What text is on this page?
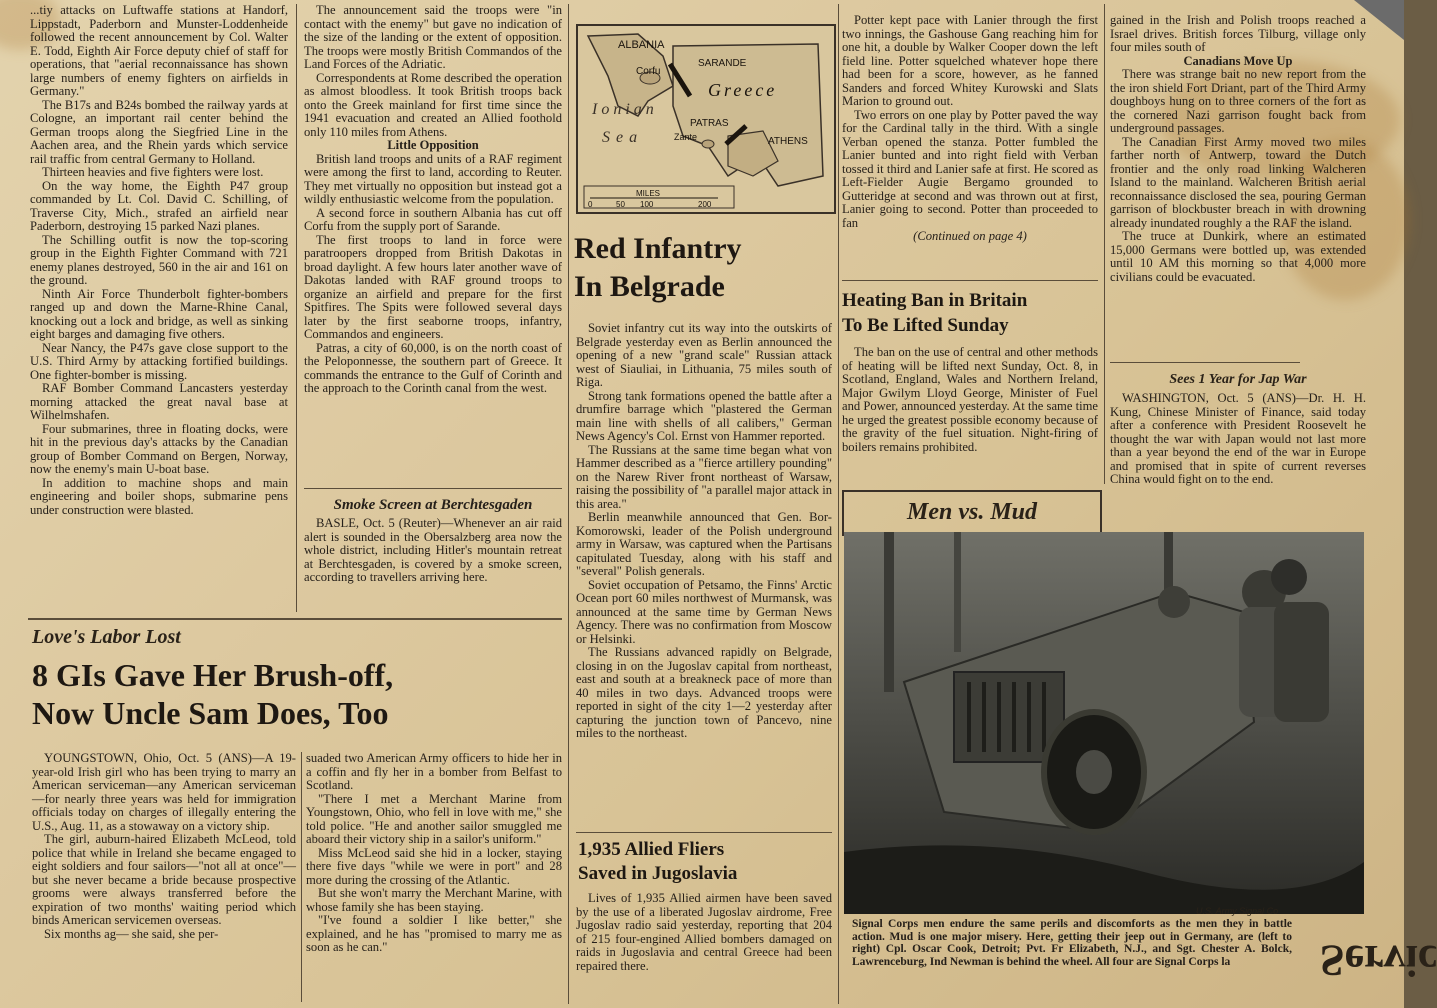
...tiy attacks on Luftwaffe stations at Handorf, Lippstadt, Paderborn and Munster-Loddenheide followed the recent announcement by Col. Walter E. Todd, Eighth Air Force deputy chief of staff for operations, that "aerial reconnaissance has shown large numbers of enemy fighters on airfields in Germany."

The B17s and B24s bombed the railway yards at Cologne, an important rail center behind the German troops along the Siegfried Line in the Aachen area, and the Rhein yards which service rail traffic from central Germany to Holland.

Thirteen heavies and five fighters were lost.

On the way home, the Eighth P47 group commanded by Lt. Col. David C. Schilling, of Traverse City, Mich., strafed an airfield near Paderborn, destroying 15 parked Nazi planes.

The Schilling outfit is now the top-scoring group in the Eighth Fighter Command with 721 enemy planes destroyed, 560 in the air and 161 on the ground.

Ninth Air Force Thunderbolt fighter-bombers ranged up and down the Marne-Rhine Canal, knocking out a lock and bridge, as well as sinking eight barges and damaging five others.

Near Nancy, the P47s gave close support to the U.S. Third Army by attacking fortified buildings. One fighter-bomber is missing.

RAF Bomber Command Lancasters yesterday morning attacked the great naval base at Wilhelmshafen.

Four submarines, three in floating docks, were hit in the previous day's attacks by the Canadian group of Bomber Command on Bergen, Norway, now the enemy's main U-boat base.

In addition to machine shops and main engineering and boiler shops, submarine pens under construction were blasted.

The announcement said the troops were "in contact with the enemy" but gave no indication of the size of the landing or the extent of opposition. The troops were mostly British Commandos of the Land Forces of the Adriatic.

Correspondents at Rome described the operation as almost bloodless. It took British troops back onto the Greek mainland for first time since the 1941 evacuation and created an Allied foothold only 110 miles from Athens.

Little Opposition

British land troops and units of a RAF regiment were among the first to land, according to Reuter. They met virtually no opposition but instead got a wildly enthusiastic welcome from the population.

A second force in southern Albania has cut off Corfu from the supply port of Sarande.

The first troops to land in force were paratroopers dropped from British Dakotas in broad daylight. A few hours later another wave of Dakotas landed with RAF ground troops to organize an airfield and prepare for the first Spitfires. The Spits were followed several days later by the first seaborne troops, infantry, Commandos and engineers.

Patras, a city of 60,000, is on the north coast of the Peloponnesse, the southern part of Greece. It commands the entrance to the Gulf of Corinth and the approach to the Corinth canal from the west.

Smoke Screen at Berchtesgaden

BASLE, Oct. 5 (Reuter)—Whenever an air raid alert is sounded in the Obersalzberg area now the whole district, including Hitler's mountain retreat at Berchtesgaden, is covered by a smoke screen, according to travellers arriving here.

Love's Labor Lost
8 GIs Gave Her Brush-off,
Now Uncle Sam Does, Too

YOUNGSTOWN, Ohio, Oct. 5 (ANS)—A 19-year-old Irish girl who has been trying to marry an American serviceman—any American serviceman—for nearly three years was held for immigration officials today on charges of illegally entering the U.S., Aug. 11, as a stowaway on a victory ship.

The girl, auburn-haired Elizabeth McLeod, told police that while in Ireland she became engaged to eight soldiers and four sailors—"not all at once"—but she never became a bride because prospective grooms were always transferred before the expiration of two months' waiting period which binds American servicemen overseas.

Six months ag— she said, she per-

suaded two American Army officers to hide her in a coffin and fly her in a bomber from Belfast to Scotland.

"There I met a Merchant Marine from Youngstown, Ohio, who fell in love with me," she told police. "He and another sailor smuggled me aboard their victory ship in a sailor's uniform."

Miss McLeod said she hid in a locker, staying there five days "while we were in port" and 28 more during the crossing of the Atlantic.

But she won't marry the Merchant Marine, with whose family she has been staying.

"I've found a soldier I like better," she explained, and he has "promised to marry me as soon as he can."

ALBANIA
SARANDE
Corfu
Greece
Ionian
Sea	Zante
PATRAS
ATHENS
MILES
0	50 100	200
Red Infantry
In Belgrade

Soviet infantry cut its way into the outskirts of Belgrade yesterday even as Berlin announced the opening of a new "grand scale" Russian attack west of Siauliai, in Lithuania, 75 miles south of Riga.

Strong tank formations opened the battle after a drumfire barrage which "plastered the German main line with shells of all calibers," German News Agency's Col. Ernst von Hammer reported.

The Russians at the same time began what von Hammer described as a "fierce artillery pounding" on the Narew River front northeast of Warsaw, raising the possibility of "a parallel major attack in this area."

Berlin meanwhile announced that Gen. Bor-Komorowski, leader of the Polish underground army in Warsaw, was captured when the Partisans capitulated Tuesday, along with his staff and "several" Polish generals.

Soviet occupation of Petsamo, the Finns' Arctic Ocean port 60 miles northwest of Murmansk, was announced at the same time by German News Agency. There was no confirmation from Moscow or Helsinki.

The Russians advanced rapidly on Belgrade, closing in on the Jugoslav capital from northeast, east and south at a breakneck pace of more than 40 miles in two days. Advanced troops were reported in sight of the city 1—2 yesterday after capturing the junction town of Pancevo, nine miles to the northeast.

1,935 Allied Fliers
Saved in Jugoslavia

Lives of 1,935 Allied airmen have been saved by the use of a liberated Jugoslav airdrome, Free Jugoslav radio said yesterday, reporting that 204 of 215 four-engined Allied bombers damaged on raids in Jugoslavia and central Greece had been repaired there.

Potter kept pace with Lanier through the first two innings, the Gashouse Gang reaching him for one hit, a double by Walker Cooper down the left field line. Potter squelched whatever hope there had been for a score, however, as he fanned Sanders and forced Whitey Kurowski and Slats Marion to ground out.

Two errors on one play by Potter paved the way for the Cardinal tally in the third. With a single Verban opened the stanza. Potter fumbled the Lanier bunted and into right field with Verban tossed it third and Lanier safe at first. He scored as Left-Fielder Augie Bergamo grounded to Gutteridge at second and was thrown out at first, Lanier going to second. Potter than proceeded to fan

(Continued on page 4)

Heating Ban in Britain
To Be Lifted Sunday

The ban on the use of central and other methods of heating will be lifted next Sunday, Oct. 8, in Scotland, England, Wales and Northern Ireland, Major Gwilym Lloyd George, Minister of Fuel and Power, announced yesterday. At the same time he urged the greatest possible economy because of the gravity of the fuel situation. Night-firing of boilers remains prohibited.

gained in the Irish and Polish troops reached a Israel drives. British forces Tilburg, village only four miles south of

Canadians Move Up

There was strange bait no new report from the the iron shield Fort Driant, part of the Third Army doughboys hung on to three corners of the fort as the cornered Nazi garrison fought back from underground passages.

The Canadian First Army moved two miles farther north of Antwerp, toward the Dutch frontier and the only road linking Walcheren Island to the mainland. Walcheren British aerial reconnaissance disclosed the sea, pouring German garrison of blockbuster breach in with drowning already inundated roughly a the RAF the island.

The truce at Dunkirk, where an estimated 15,000 Germans were bottled up, was extended until 10 AM this morning so that 4,000 more civilians could be evacuated.

Sees 1 Year for Jap War

WASHINGTON, Oct. 5 (ANS)—Dr. H. H. Kung, Chinese Minister of Finance, said today after a conference with President Roosevelt he thought the war with Japan would not last more than a year beyond the end of the war in Europe and promised that in spite of current reverses China would fight on to the end.

Men vs. Mud
U.S. Army Signal Co

Signal Corps men endure the same perils and discomforts as the men they in battle action. Mud is one major misery. Here, getting their jeep out in Germany, are (left to right) Cpl. Oscar Cook, Detroit; Pvt. Fr Elizabeth, N.J., and Sgt. Chester A. Bolck, Lawrenceburg, Ind Newman is behind the wheel. All four are Signal Corps la	Servic
